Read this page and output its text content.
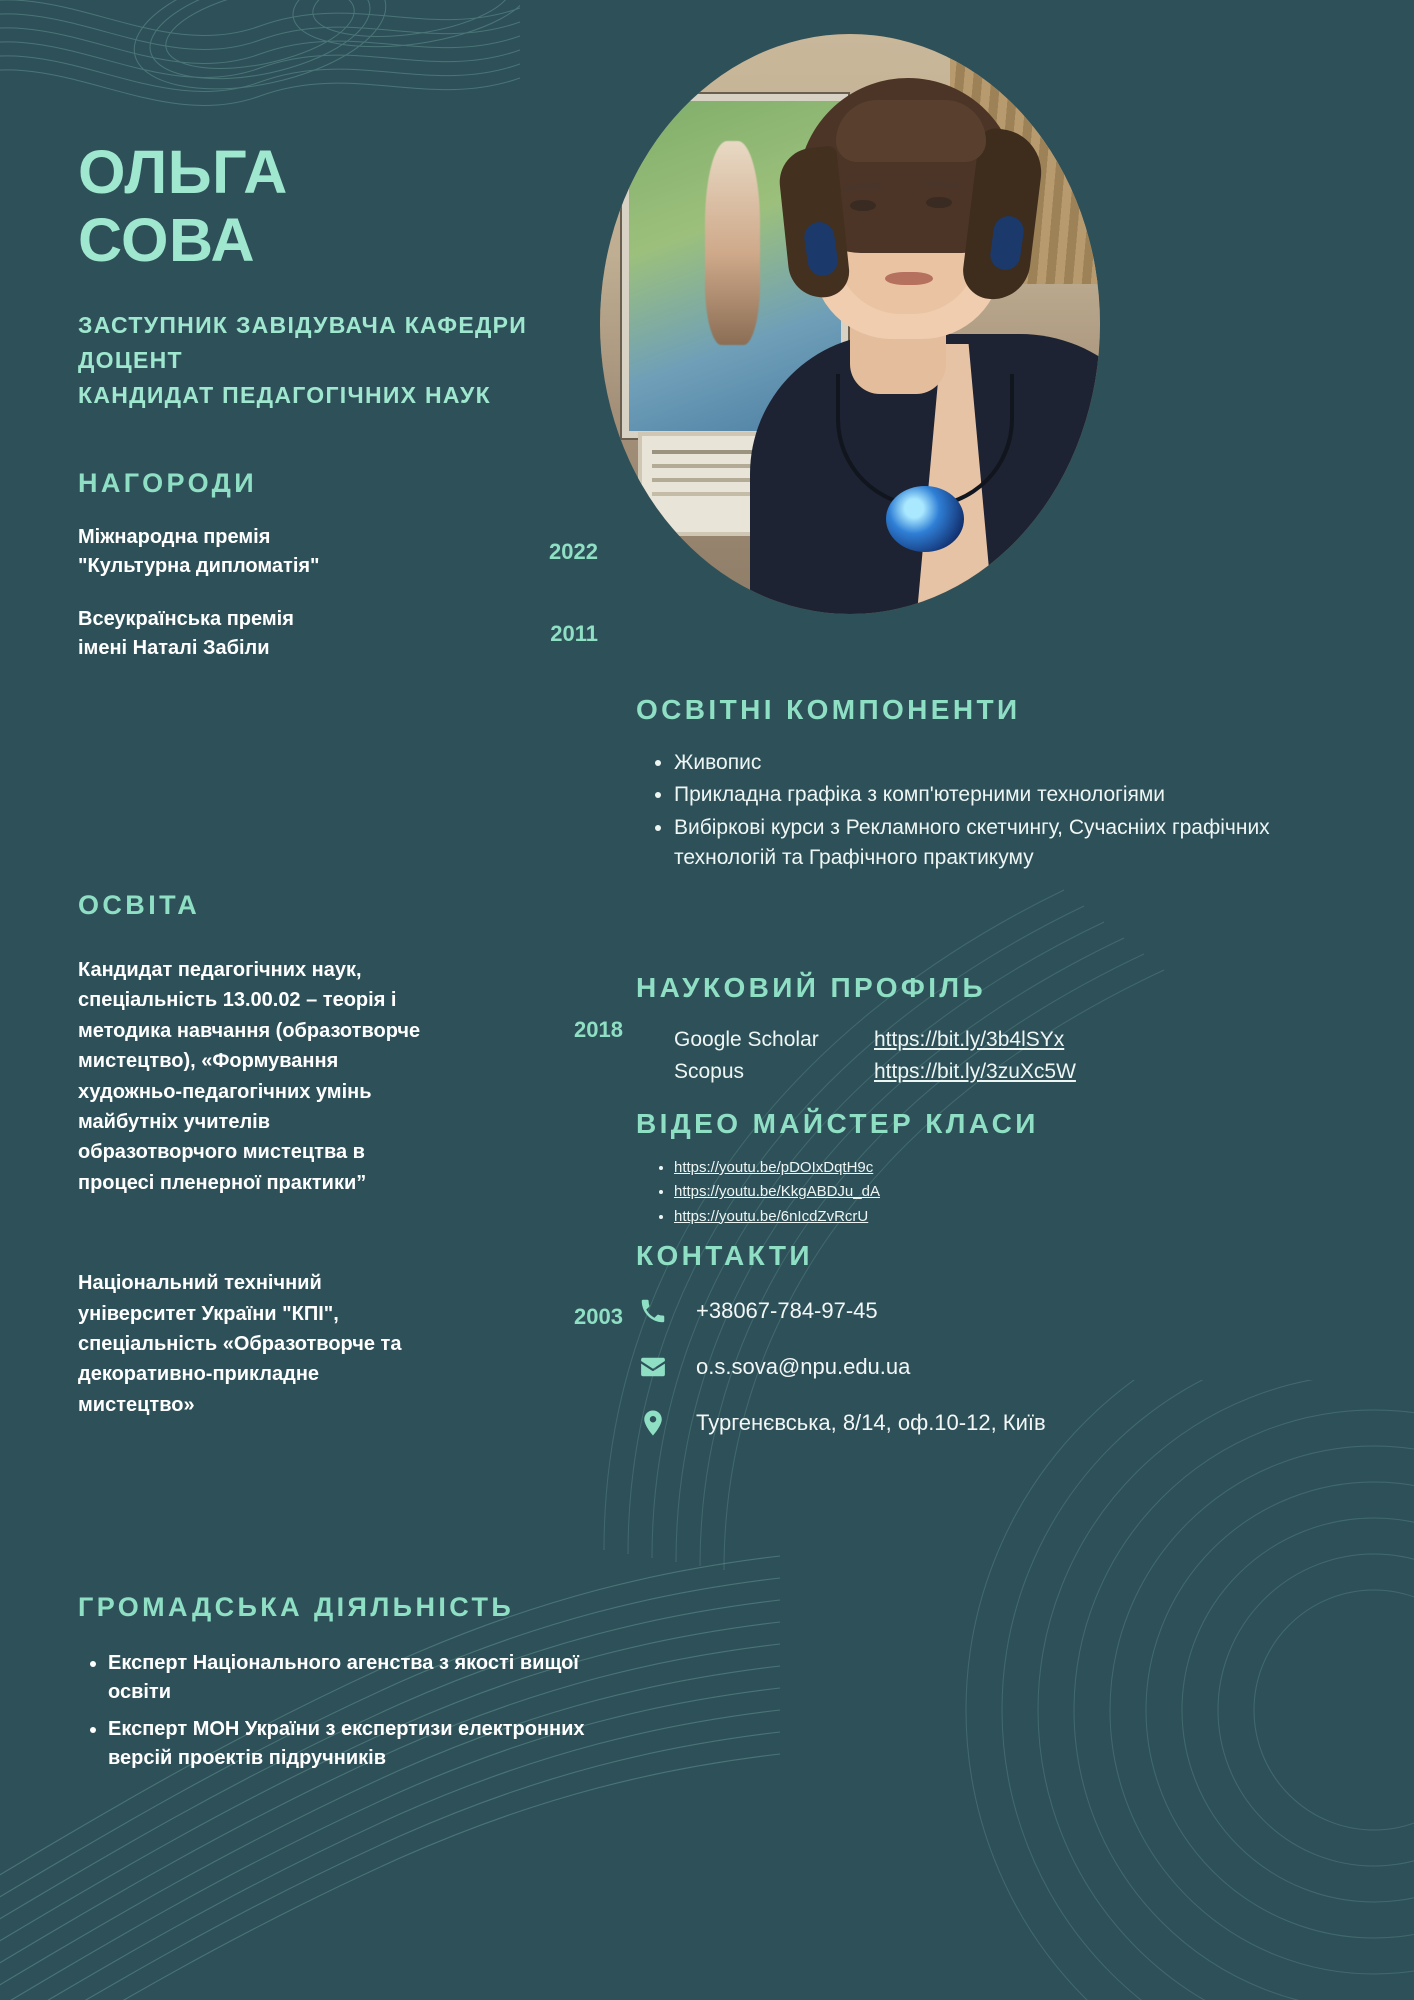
ОЛЬГА
СОВА
ЗАСТУПНИК ЗАВІДУВАЧА КАФЕДРИ
ДОЦЕНТ
КАНДИДАТ ПЕДАГОГІЧНИХ НАУК
НАГОРОДИ
Міжнародна премія
"Культурна дипломатія"
2022
Всеукраїнська премія
імені Наталі Забіли
2011
ОСВІТА
Кандидат педагогічних наук, спеціальність 13.00.02 – теорія і методика навчання (образотворче мистецтво), «Формування художньо-педагогічних умінь майбутніх учителів образотворчого мистецтва в процесі пленерної практики”
2018
Національний технічний університет України "КПІ", спеціальність «Образотворче та декоративно-прикладне мистецтво»
2003
ГРОМАДСЬКА ДІЯЛЬНІСТЬ
• Експерт Національного агенства з якості вищої освіти
• Експерт МОН України з експертизи електронних версій проектів підручників
ОСВІТНІ КОМПОНЕНТИ
• Живопис
• Прикладна графіка з комп'ютерними технологіями
• Вибіркові курси з Рекламного скетчингу, Сучасніих графічних технологій та Графічного практикуму
НАУКОВИЙ ПРОФІЛЬ
Google Scholar	https://bit.ly/3b4lSYx
Scopus	https://bit.ly/3zuXc5W
ВІДЕО МАЙСТЕР КЛАСИ
• https://youtu.be/pDOIxDqtH9c
• https://youtu.be/KkgABDJu_dA
• https://youtu.be/6nIcdZvRcrU
КОНТАКТИ
+38067-784-97-45
o.s.sova@npu.edu.ua
Тургенєвська, 8/14, оф.10-12, Київ
